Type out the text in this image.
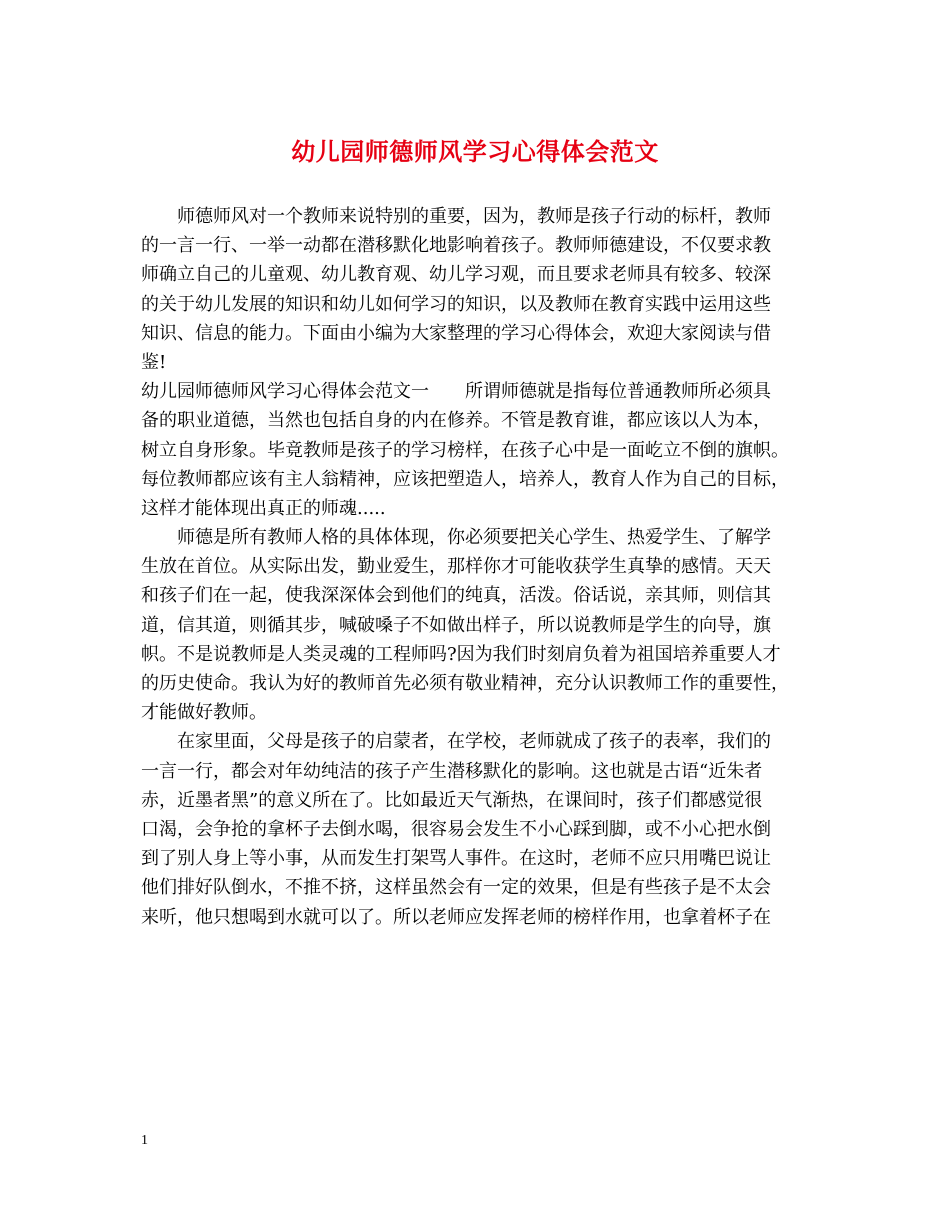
幼儿园师德师风学习心得体会范文
师德师风对一个教师来说特别的重要，因为，教师是孩子行动的标杆，教师
的一言一行、一举一动都在潜移默化地影响着孩子。教师师德建设，不仅要求教
师确立自己的儿童观、幼儿教育观、幼儿学习观，而且要求老师具有较多、较深
的关于幼儿发展的知识和幼儿如何学习的知识，以及教师在教育实践中运用这些
知识、信息的能力。下面由小编为大家整理的学习心得体会，欢迎大家阅读与借
鉴!
幼儿园师德师风学习心得体会范文一　　所谓师德就是指每位普通教师所必须具
备的职业道德，当然也包括自身的内在修养。不管是教育谁，都应该以人为本，
树立自身形象。毕竟教师是孩子的学习榜样，在孩子心中是一面屹立不倒的旗帜。
每位教师都应该有主人翁精神，应该把塑造人，培养人，教育人作为自己的目标，
这样才能体现出真正的师魂.....
师德是所有教师人格的具体体现，你必须要把关心学生、热爱学生、了解学
生放在首位。从实际出发，勤业爱生，那样你才可能收获学生真挚的感情。天天
和孩子们在一起，使我深深体会到他们的纯真，活泼。俗话说，亲其师，则信其
道，信其道，则循其步，喊破嗓子不如做出样子，所以说教师是学生的向导，旗
帜。不是说教师是人类灵魂的工程师吗?因为我们时刻肩负着为祖国培养重要人才
的历史使命。我认为好的教师首先必须有敬业精神，充分认识教师工作的重要性，
才能做好教师。
在家里面，父母是孩子的启蒙者，在学校，老师就成了孩子的表率，我们的
一言一行，都会对年幼纯洁的孩子产生潜移默化的影响。这也就是古语“近朱者
赤，近墨者黑”的意义所在了。比如最近天气渐热，在课间时，孩子们都感觉很
口渴，会争抢的拿杯子去倒水喝，很容易会发生不小心踩到脚，或不小心把水倒
到了别人身上等小事，从而发生打架骂人事件。在这时，老师不应只用嘴巴说让
他们排好队倒水，不推不挤，这样虽然会有一定的效果，但是有些孩子是不太会
来听，他只想喝到水就可以了。所以老师应发挥老师的榜样作用，也拿着杯子在
1
